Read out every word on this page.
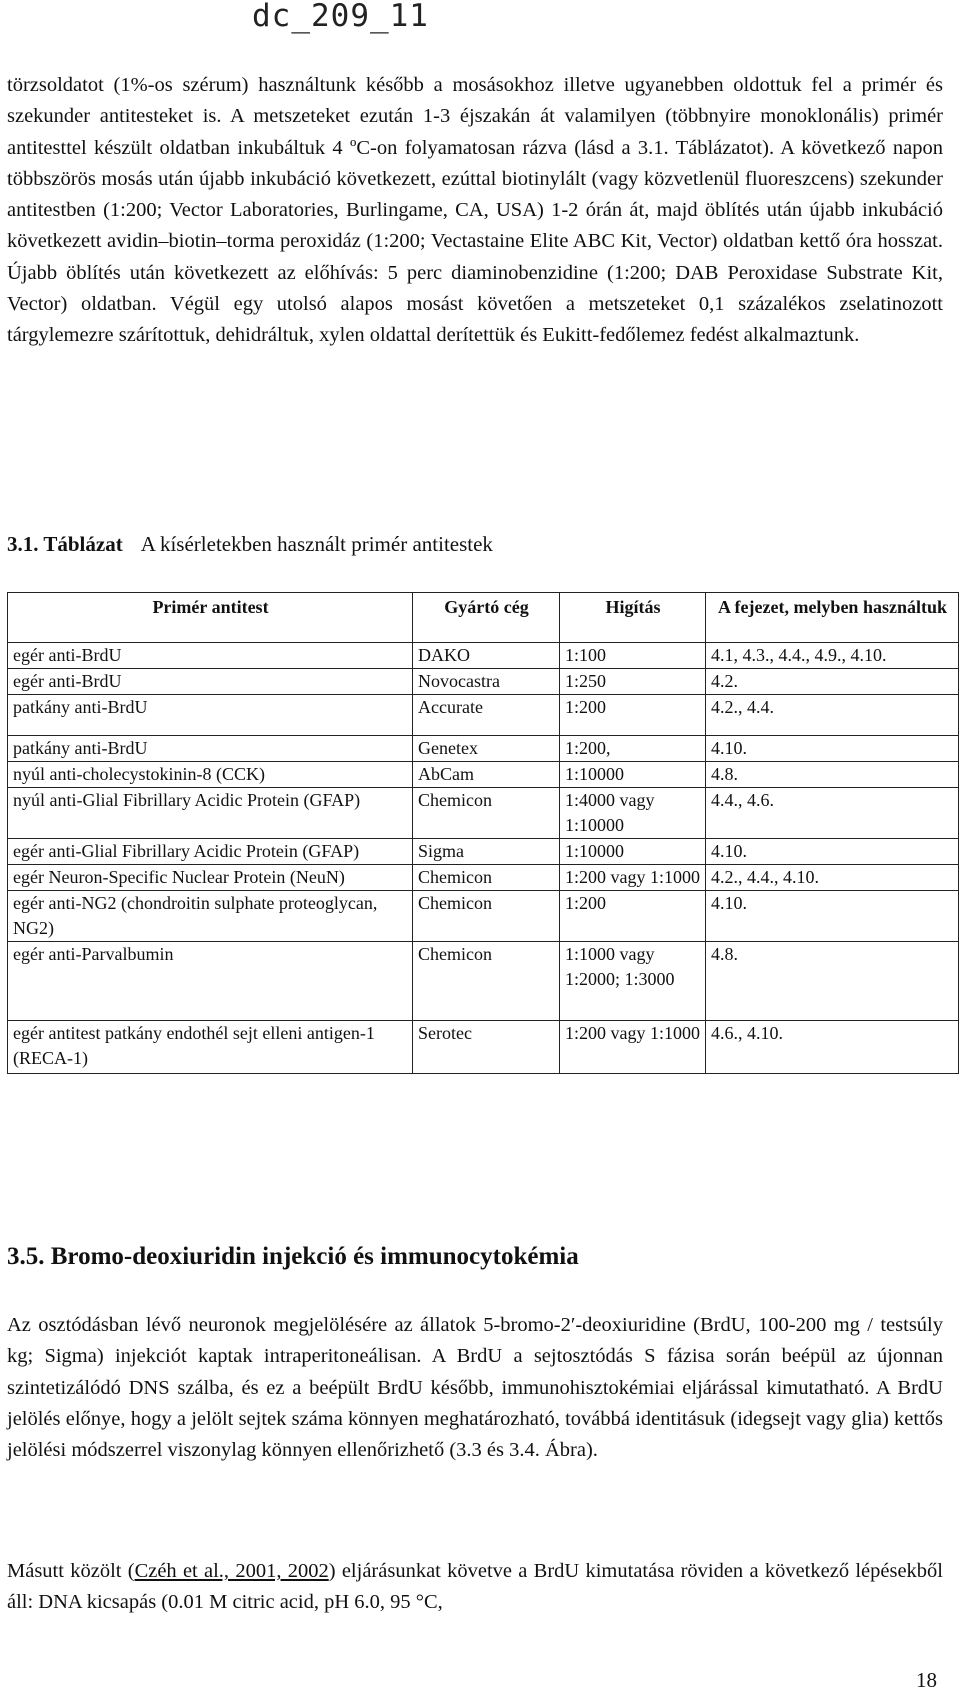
dc_209_11

törzsoldatot (1%-os szérum) használtunk később a mosásokhoz illetve ugyanebben oldottuk fel a primér és szekunder antitesteket is. A metszeteket ezután 1-3 éjszakán át valamilyen (többnyire monoklonális) primér antitesttel készült oldatban inkubáltuk 4 ºC-on folyamatosan rázva (lásd a 3.1. Táblázatot). A következő napon többszörös mosás után újabb inkubáció következett, ezúttal biotinylált (vagy közvetlenül fluoreszcens) szekunder antitestben (1:200; Vector Laboratories, Burlingame, CA, USA) 1-2 órán át, majd öblítés után újabb inkubáció következett avidin–biotin–torma peroxidáz (1:200; Vectastaine Elite ABC Kit, Vector) oldatban kettő óra hosszat. Újabb öblítés után következett az előhívás: 5 perc diaminobenzidine (1:200; DAB Peroxidase Substrate Kit, Vector) oldatban. Végül egy utolsó alapos mosást követően a metszeteket 0,1 százalékos zselatinozott tárgylemezre szárítottuk, dehidráltuk, xylen oldattal derítettük és Eukitt-fedőlemez fedést alkalmaztunk.

3.1. Táblázat A kísérletekben használt primér antitestek
Primér antitest	Gyártó cég	Higítás	A fejezet, melyben használtuk
egér anti-BrdU	DAKO	1:100	4.1, 4.3., 4.4., 4.9., 4.10.
egér anti-BrdU	Novocastra	1:250	4.2.
patkány anti-BrdU	Accurate	1:200	4.2., 4.4.
patkány anti-BrdU	Genetex	1:200,	4.10.
nyúl anti-cholecystokinin-8 (CCK)	AbCam	1:10000	4.8.
nyúl anti-Glial Fibrillary Acidic Protein (GFAP)	Chemicon	1:4000 vagy 1:10000	4.4., 4.6.
egér anti-Glial Fibrillary Acidic Protein (GFAP)	Sigma	1:10000	4.10.
egér Neuron-Specific Nuclear Protein (NeuN)	Chemicon	1:200 vagy 1:1000	4.2., 4.4., 4.10.
egér anti-NG2 (chondroitin sulphate proteoglycan, NG2)	Chemicon	1:200	4.10.
egér anti-Parvalbumin	Chemicon	1:1000 vagy 1:2000; 1:3000	4.8.
egér antitest patkány endothél sejt elleni antigen-1 (RECA-1)	Serotec	1:200 vagy 1:1000	4.6., 4.10.
3.5. Bromo-deoxiuridin injekció és immunocytokémia

Az osztódásban lévő neuronok megjelölésére az állatok 5-bromo-2′-deoxiuridine (BrdU, 100-200 mg / testsúly kg; Sigma) injekciót kaptak intraperitoneálisan. A BrdU a sejtosztódás S fázisa során beépül az újonnan szintetizálódó DNS szálba, és ez a beépült BrdU később, immunohisztokémiai eljárással kimutatható. A BrdU jelölés előnye, hogy a jelölt sejtek száma könnyen meghatározható, továbbá identitásuk (idegsejt vagy glia) kettős jelölési módszerrel viszonylag könnyen ellenőrizhető (3.3 és 3.4. Ábra).

Másutt közölt (Czéh et al., 2001, 2002) eljárásunkat követve a BrdU kimutatása röviden a következő lépésekből áll: DNA kicsapás (0.01 M citric acid, pH 6.0, 95 °C,

18
